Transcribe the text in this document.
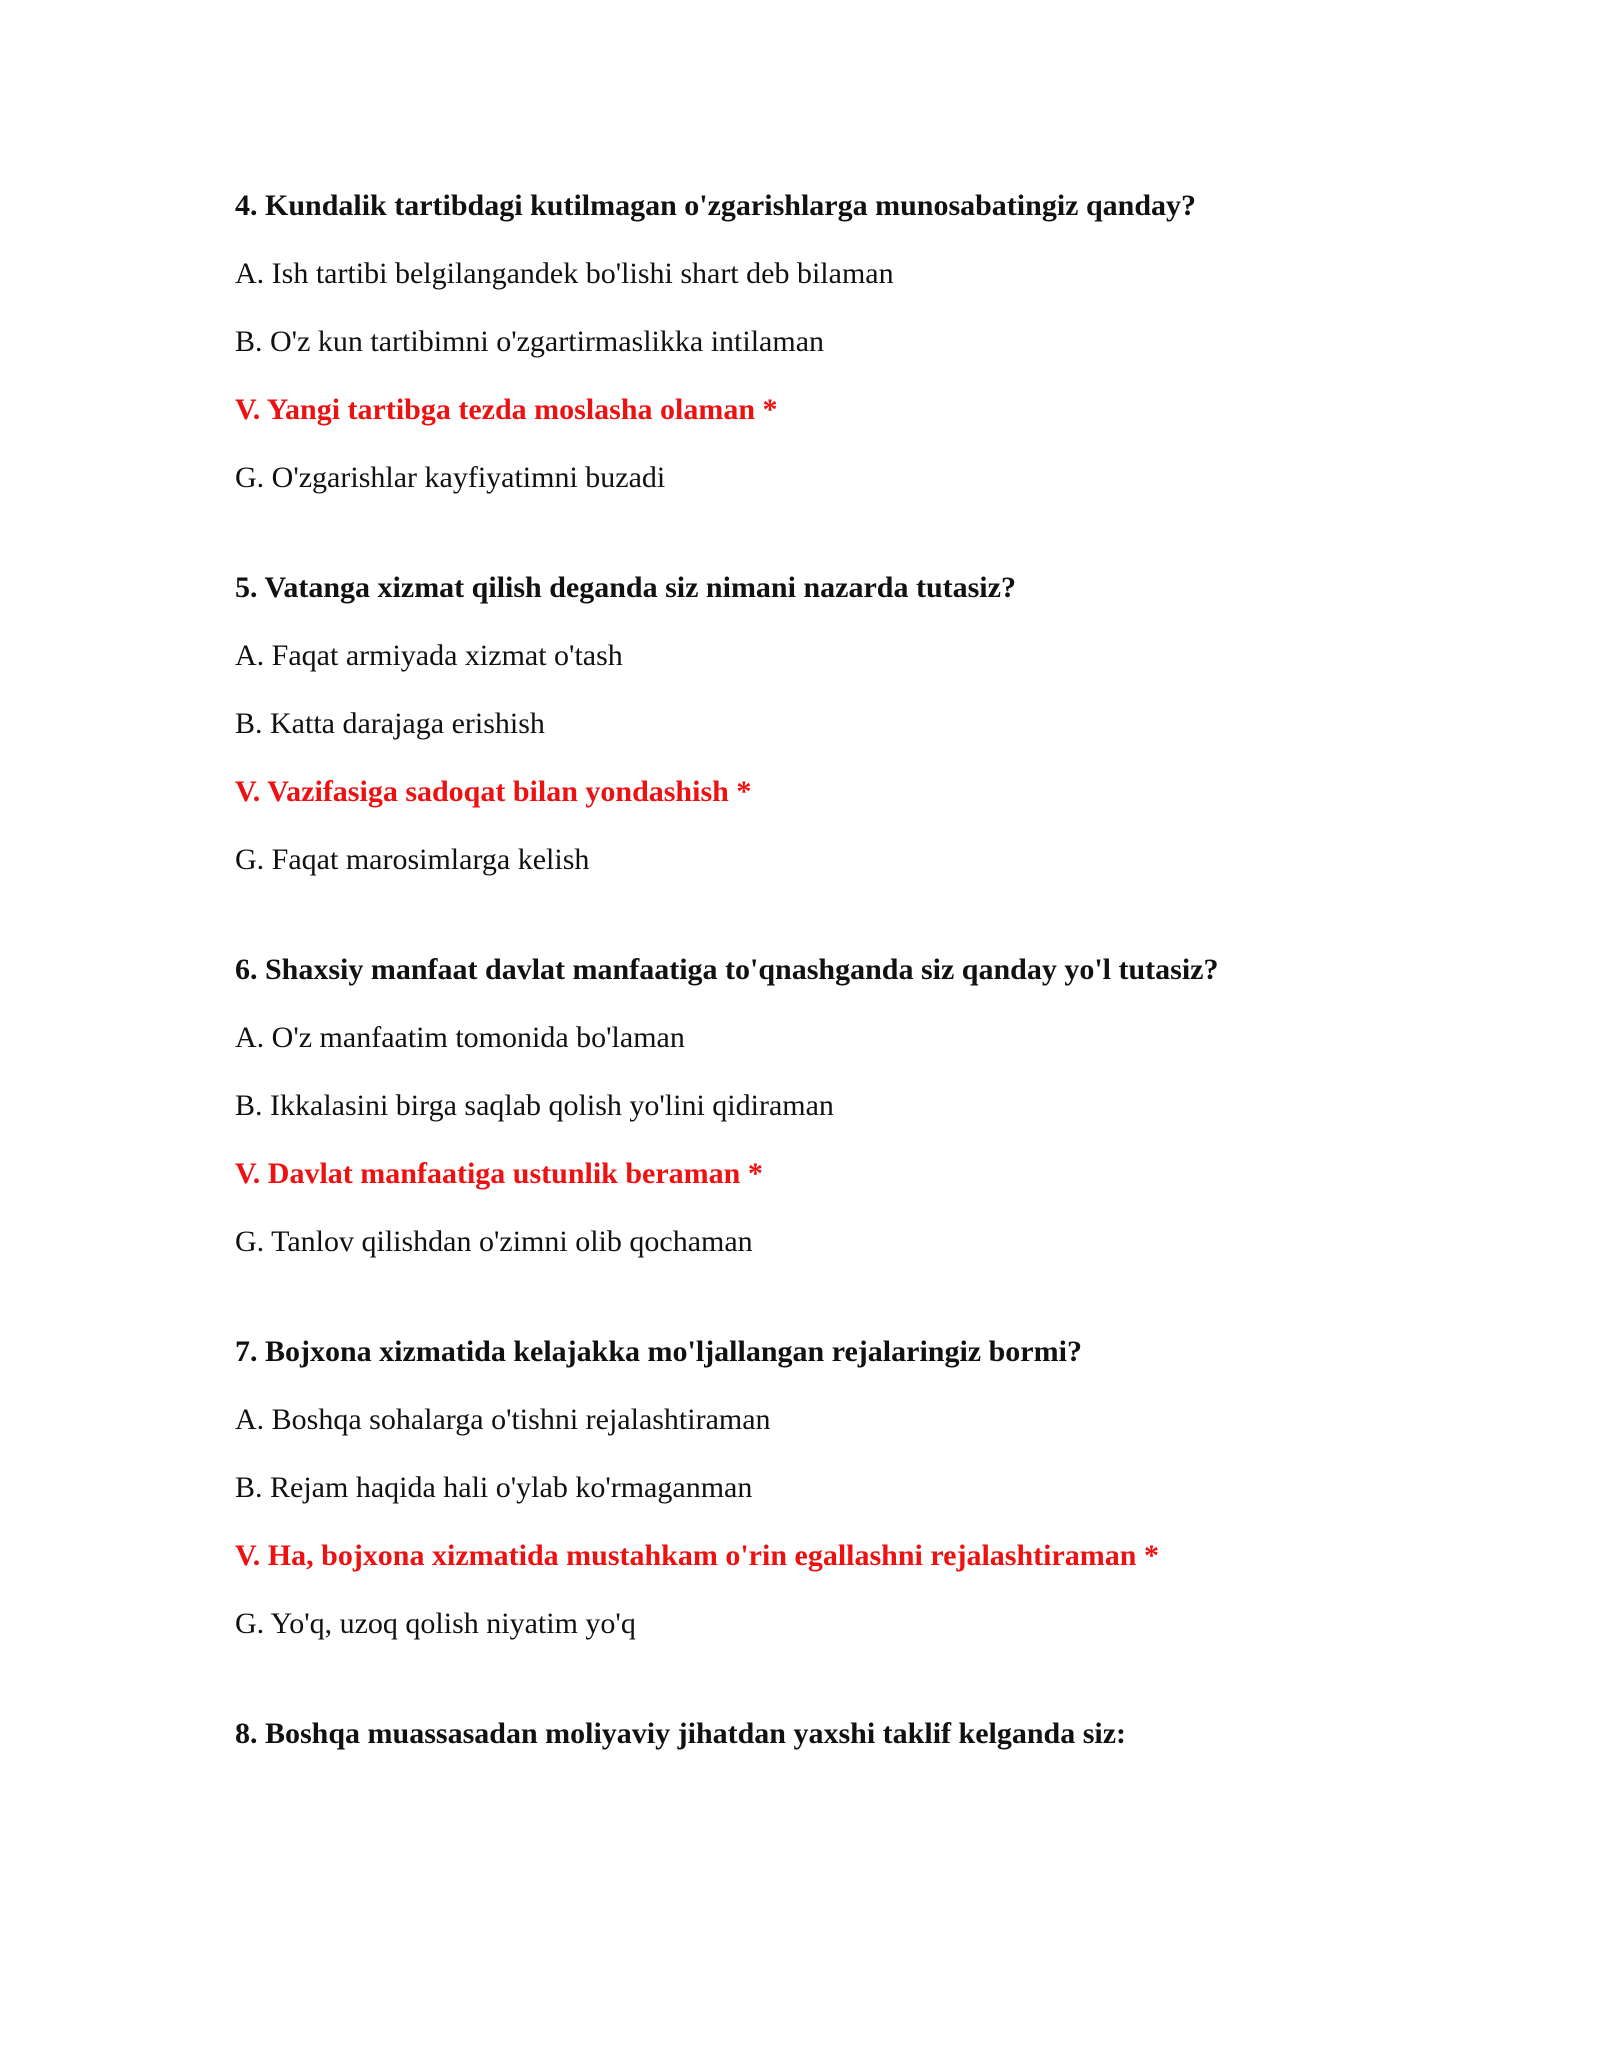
4. Kundalik tartibdagi kutilmagan o'zgarishlarga munosabatingiz qanday?
A. Ish tartibi belgilangandek bo'lishi shart deb bilaman
B. O'z kun tartibimni o'zgartirmaslikka intilaman
V. Yangi tartibga tezda moslasha olaman *
G. O'zgarishlar kayfiyatimni buzadi
5. Vatanga xizmat qilish deganda siz nimani nazarda tutasiz?
A. Faqat armiyada xizmat o'tash
B. Katta darajaga erishish
V. Vazifasiga sadoqat bilan yondashish *
G. Faqat marosimlarga kelish
6. Shaxsiy manfaat davlat manfaatiga to'qnashganda siz qanday yo'l tutasiz?
A. O'z manfaatim tomonida bo'laman
B. Ikkalasini birga saqlab qolish yo'lini qidiraman
V. Davlat manfaatiga ustunlik beraman *
G. Tanlov qilishdan o'zimni olib qochaman
7. Bojxona xizmatida kelajakka mo'ljallangan rejalaringiz bormi?
A. Boshqa sohalarga o'tishni rejalashtiraman
B. Rejam haqida hali o'ylab ko'rmaganman
V. Ha, bojxona xizmatida mustahkam o'rin egallashni rejalashtiraman *
G. Yo'q, uzoq qolish niyatim yo'q
8. Boshqa muassasadan moliyaviy jihatdan yaxshi taklif kelganda siz:
